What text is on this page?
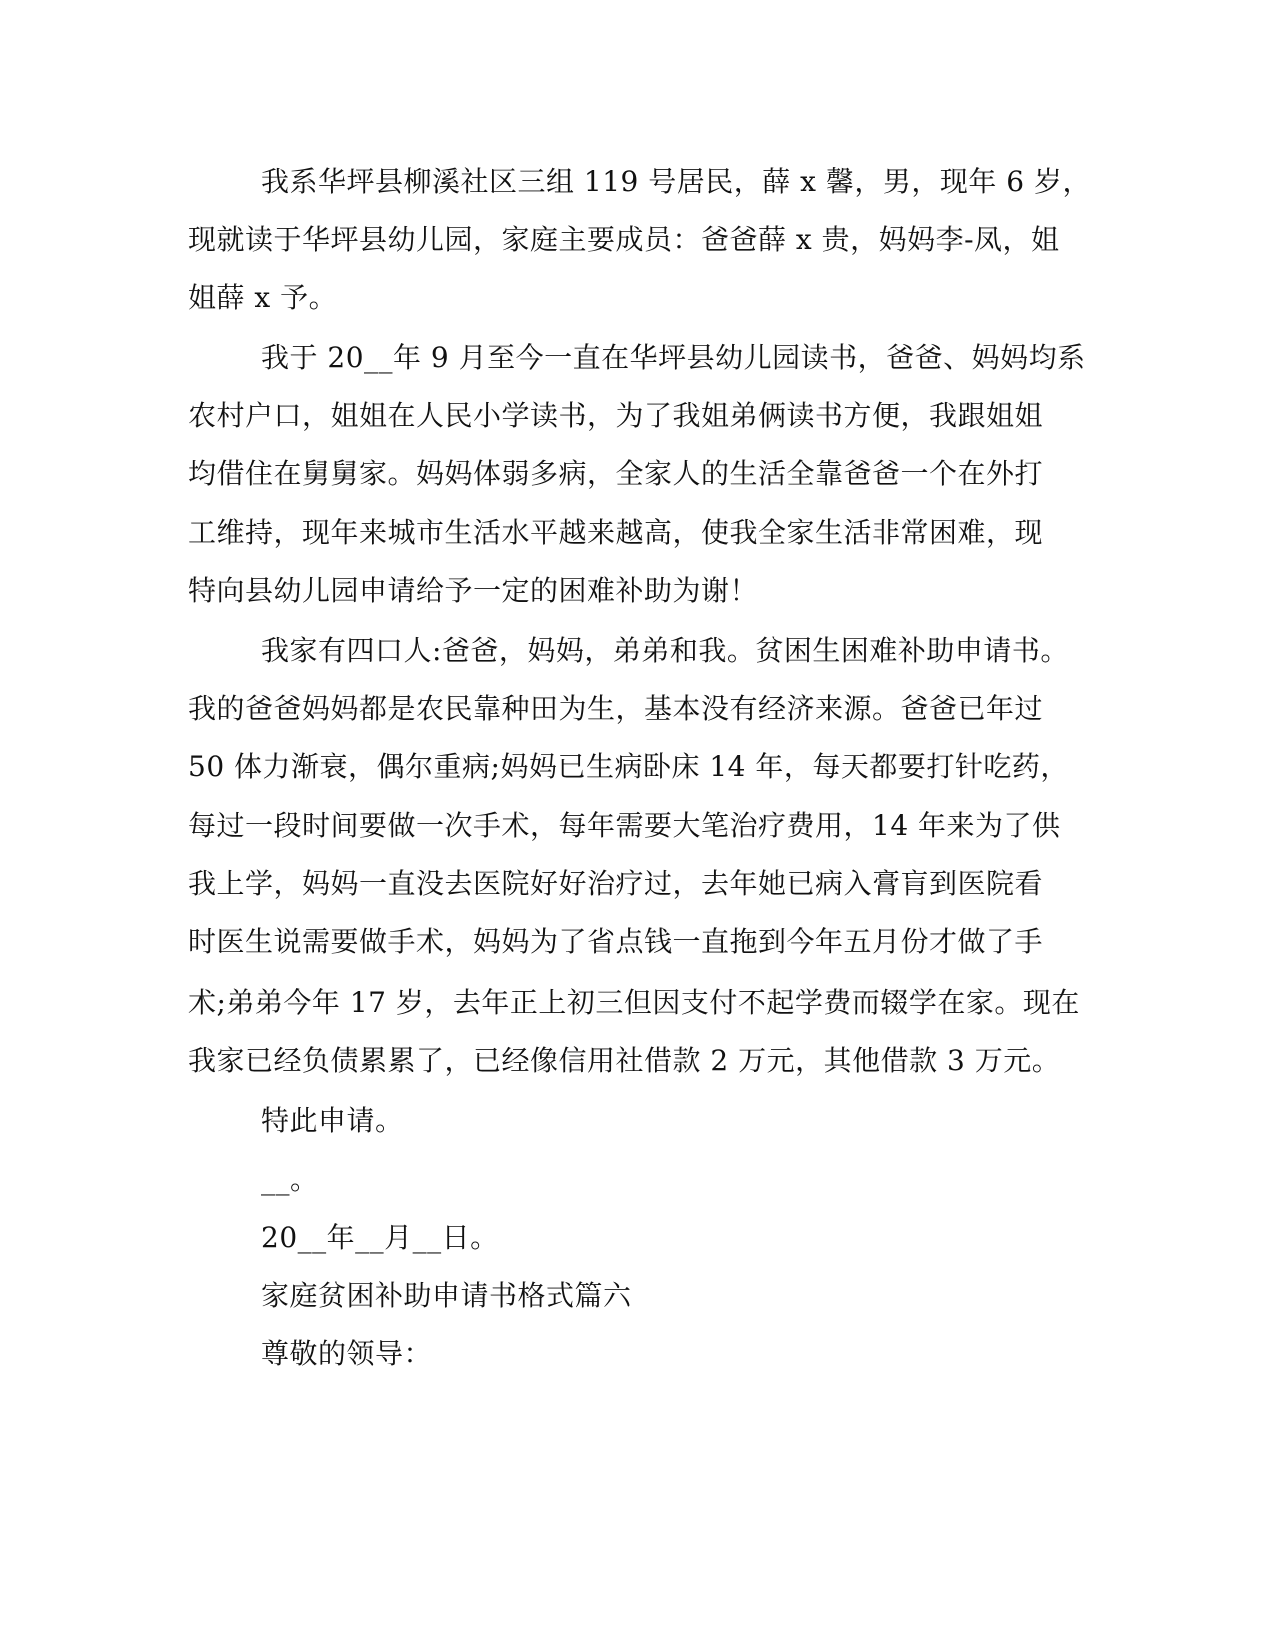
我系华坪县柳溪社区三组 119 号居民，薛 x 馨，男，现年 6 岁，
现就读于华坪县幼儿园，家庭主要成员：爸爸薛 x 贵，妈妈李-凤，姐
姐薛 x 予。
我于 20__年 9 月至今一直在华坪县幼儿园读书，爸爸、妈妈均系
农村户口，姐姐在人民小学读书，为了我姐弟俩读书方便，我跟姐姐
均借住在舅舅家。妈妈体弱多病，全家人的生活全靠爸爸一个在外打
工维持，现年来城市生活水平越来越高，使我全家生活非常困难，现
特向县幼儿园申请给予一定的困难补助为谢！
我家有四口人:爸爸，妈妈，弟弟和我。贫困生困难补助申请书。
我的爸爸妈妈都是农民靠种田为生，基本没有经济来源。爸爸已年过
50 体力渐衰，偶尔重病;妈妈已生病卧床 14 年，每天都要打针吃药，
每过一段时间要做一次手术，每年需要大笔治疗费用，14 年来为了供
我上学，妈妈一直没去医院好好治疗过，去年她已病入膏肓到医院看
时医生说需要做手术，妈妈为了省点钱一直拖到今年五月份才做了手
术;弟弟今年 17 岁，去年正上初三但因支付不起学费而辍学在家。现在
我家已经负债累累了，已经像信用社借款 2 万元，其他借款 3 万元。
特此申请。
__。
20__年__月__日。
家庭贫困补助申请书格式篇六
尊敬的领导：
